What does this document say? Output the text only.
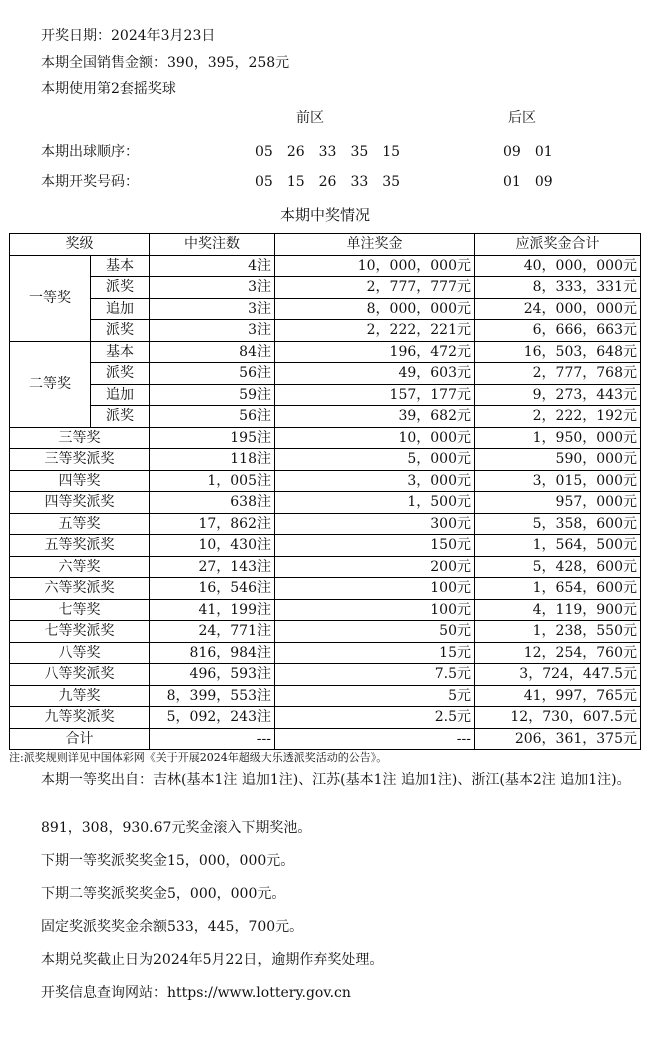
开奖日期：2024年3月23日
本期全国销售金额：390，395，258元
本期使用第2套摇奖球
前区	后区
本期出球顺序：	05　26　33　35　15	09　01
本期开奖号码：	05　15　26　33　35	01　09
本期中奖情况
奖级		中奖注数	单注奖金	应派奖金合计
一等奖	基本	4注	10，000，000元	40，000，000元
	派奖	3注	2，777，777元	8，333，331元
	追加	3注	8，000，000元	24，000，000元
	派奖	3注	2，222，221元	6，666，663元
二等奖	基本	84注	196，472元	16，503，648元
	派奖	56注	49，603元	2，777，768元
	追加	59注	157，177元	9，273，443元
	派奖	56注	39，682元	2，222，192元
三等奖		195注	10，000元	1，950，000元
三等奖派奖		118注	5，000元	590，000元
四等奖		1，005注	3，000元	3，015，000元
四等奖派奖		638注	1，500元	957，000元
五等奖		17，862注	300元	5，358，600元
五等奖派奖		10，430注	150元	1，564，500元
六等奖		27，143注	200元	5，428，600元
六等奖派奖		16，546注	100元	1，654，600元
七等奖		41，199注	100元	4，119，900元
七等奖派奖		24，771注	50元	1，238，550元
八等奖		816，984注	15元	12，254，760元
八等奖派奖		496，593注	7.5元	3，724，447.5元
九等奖		8，399，553注	5元	41，997，765元
九等奖派奖		5，092，243注	2.5元	12，730，607.5元
合计		---	---	206，361，375元
注:派奖规则详见中国体彩网《关于开展2024年超级大乐透派奖活动的公告》。
本期一等奖出自：吉林(基本1注 追加1注)、江苏(基本1注 追加1注)、浙江(基本2注 追加1注)。
891，308，930.67元奖金滚入下期奖池。
下期一等奖派奖奖金15，000，000元。
下期二等奖派奖奖金5，000，000元。
固定奖派奖奖金余额533，445，700元。
本期兑奖截止日为2024年5月22日，逾期作弃奖处理。
开奖信息查询网站：https://www.lottery.gov.cn
